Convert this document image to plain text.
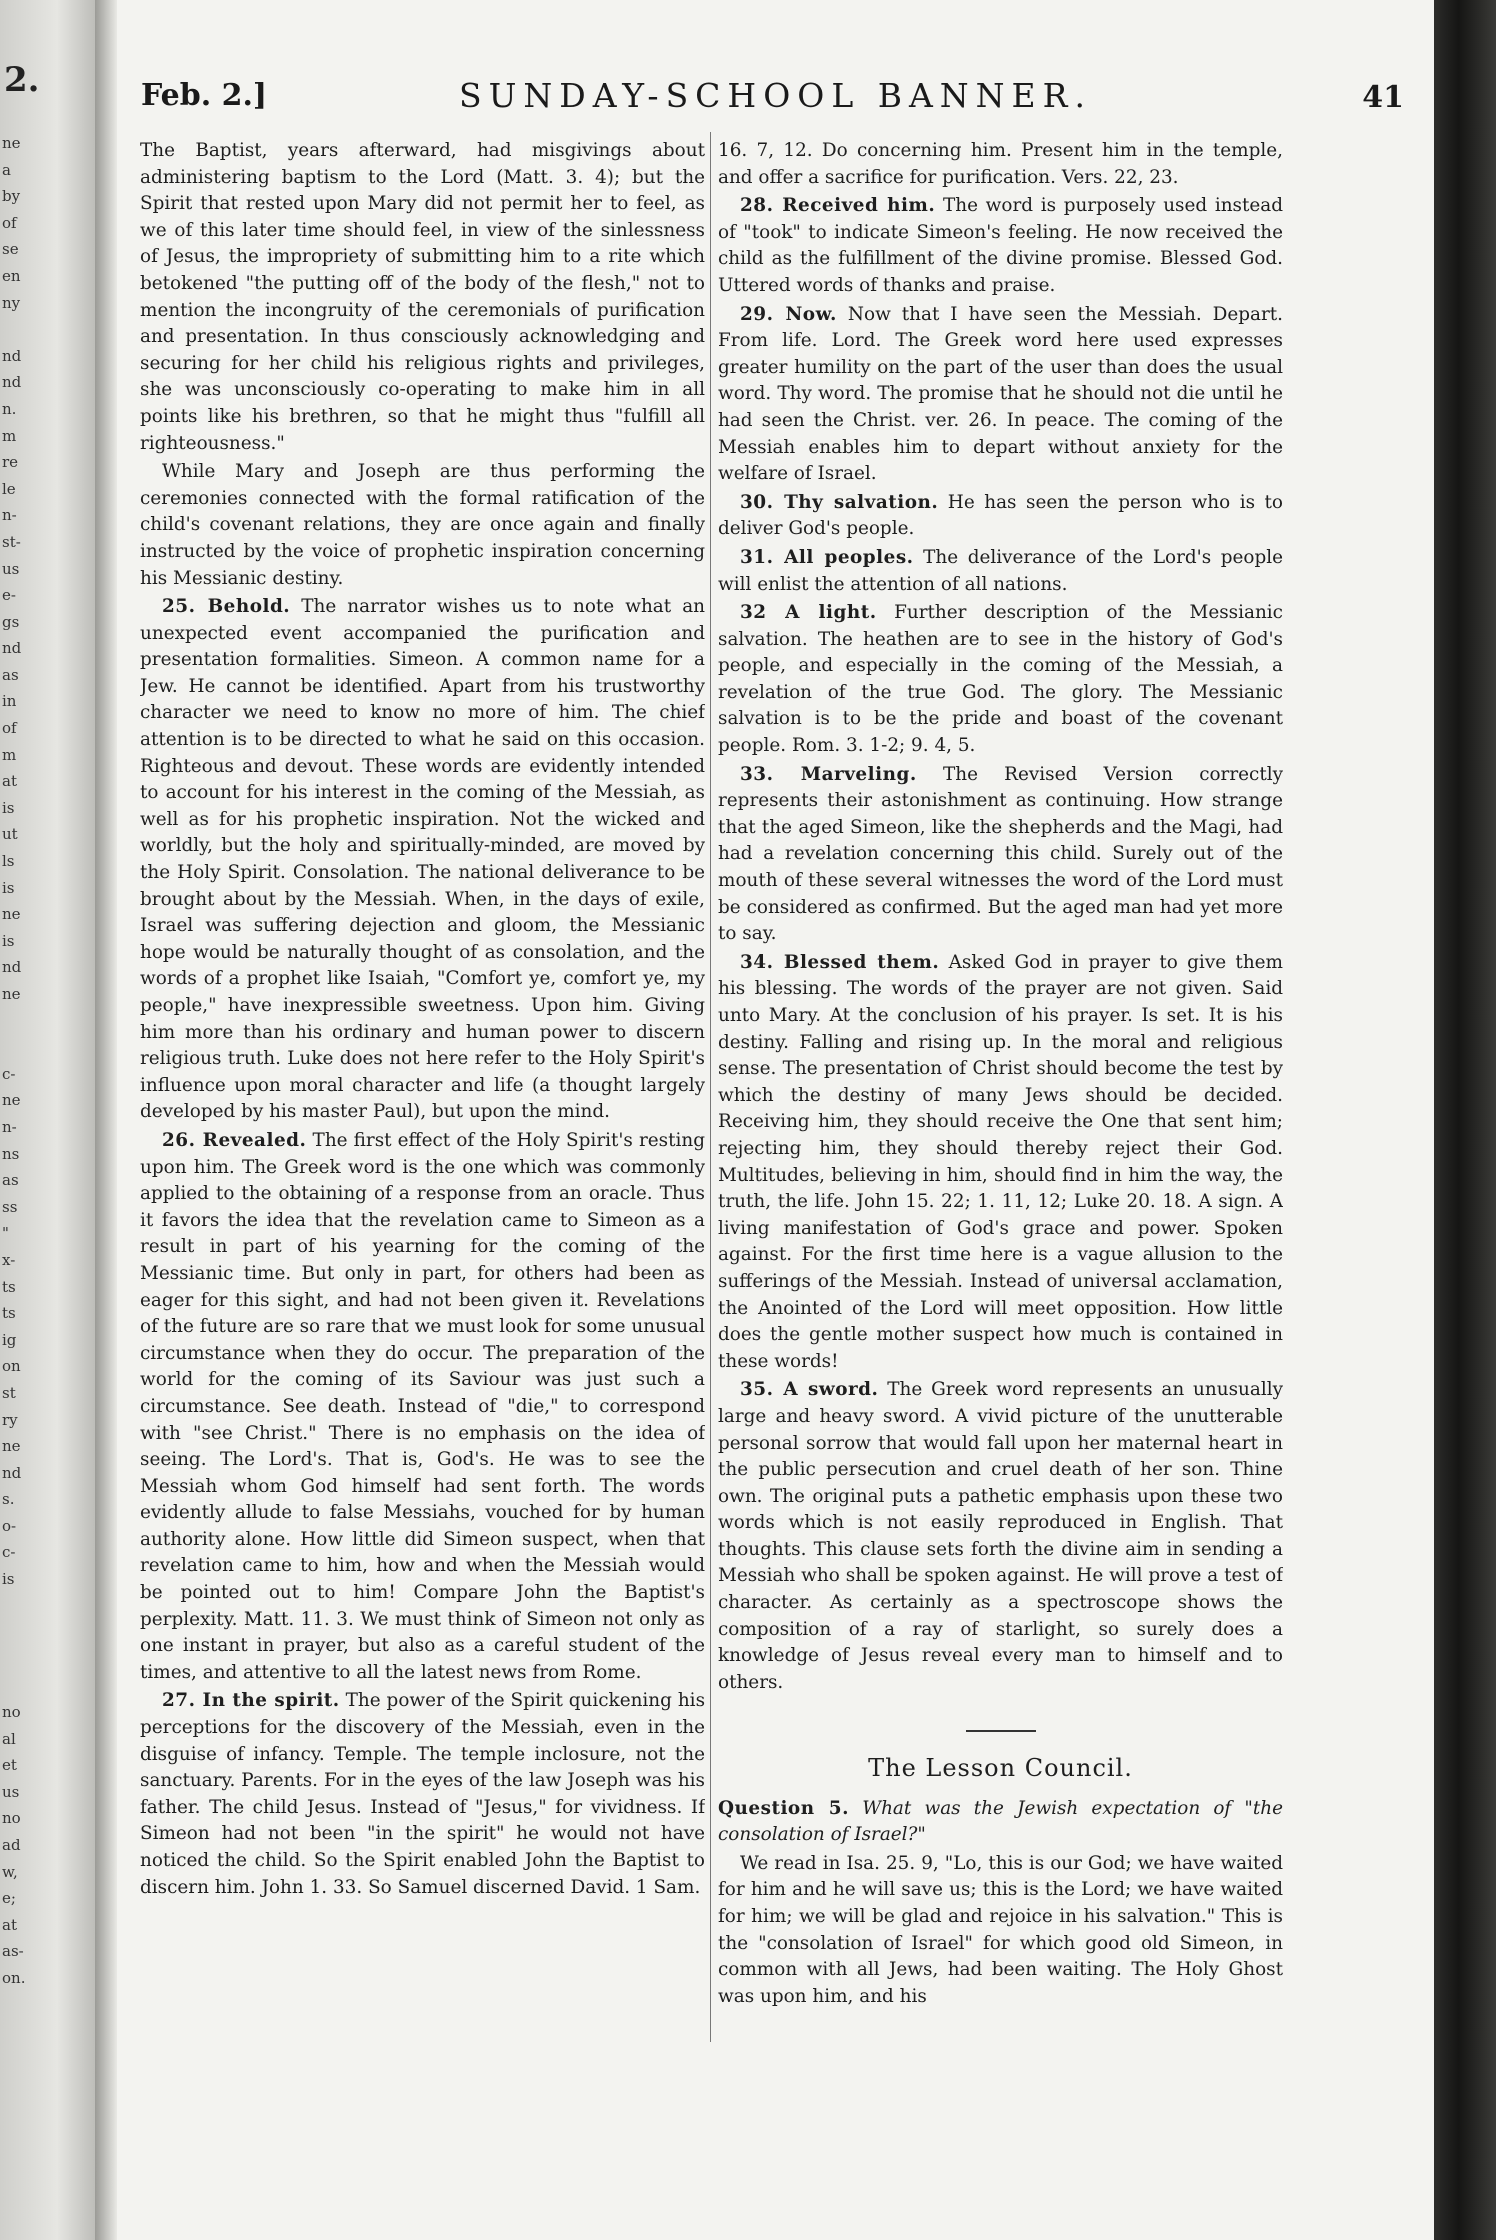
2.
ne
a
by
of
se
en
ny
nd
nd
n.
m
re
le
n-
st-
us
e-
gs
nd
as
in
of
m
at
is
ut
ls
is
ne
is
nd
ne
c-
ne
n-
ns
as
ss
"
x-
ts
ts
ig
on
st
ry
ne
nd
s.
o-
c-
is
no
al
et
us
no
ad
w,
e;
at
as-
on.
Feb. 2.]	SUNDAY-SCHOOL BANNER.	41

The Baptist, years afterward, had misgivings about administering baptism to the Lord (Matt. 3. 4); but the Spirit that rested upon Mary did not permit her to feel, as we of this later time should feel, in view of the sinlessness of Jesus, the impropriety of submitting him to a rite which betokened "the putting off of the body of the flesh," not to mention the incongruity of the ceremonials of purification and presentation. In thus consciously acknowledging and securing for her child his religious rights and privileges, she was unconsciously co-operating to make him in all points like his brethren, so that he might thus "fulfill all righteousness."

While Mary and Joseph are thus performing the ceremonies connected with the formal ratification of the child's covenant relations, they are once again and finally instructed by the voice of prophetic inspiration concerning his Messianic destiny.

25. Behold. The narrator wishes us to note what an unexpected event accompanied the purification and presentation formalities. Simeon. A common name for a Jew. He cannot be identified. Apart from his trustworthy character we need to know no more of him. The chief attention is to be directed to what he said on this occasion. Righteous and devout. These words are evidently intended to account for his interest in the coming of the Messiah, as well as for his prophetic inspiration. Not the wicked and worldly, but the holy and spiritually-minded, are moved by the Holy Spirit. Consolation. The national deliverance to be brought about by the Messiah. When, in the days of exile, Israel was suffering dejection and gloom, the Messianic hope would be naturally thought of as consolation, and the words of a prophet like Isaiah, "Comfort ye, comfort ye, my people," have inexpressible sweetness. Upon him. Giving him more than his ordinary and human power to discern religious truth. Luke does not here refer to the Holy Spirit's influence upon moral character and life (a thought largely developed by his master Paul), but upon the mind.

26. Revealed. The first effect of the Holy Spirit's resting upon him. The Greek word is the one which was commonly applied to the obtaining of a response from an oracle. Thus it favors the idea that the revelation came to Simeon as a result in part of his yearning for the coming of the Messianic time. But only in part, for others had been as eager for this sight, and had not been given it. Revelations of the future are so rare that we must look for some unusual circumstance when they do occur. The preparation of the world for the coming of its Saviour was just such a circumstance. See death. Instead of "die," to correspond with "see Christ." There is no emphasis on the idea of seeing. The Lord's. That is, God's. He was to see the Messiah whom God himself had sent forth. The words evidently allude to false Messiahs, vouched for by human authority alone. How little did Simeon suspect, when that revelation came to him, how and when the Messiah would be pointed out to him! Compare John the Baptist's perplexity. Matt. 11. 3. We must think of Simeon not only as one instant in prayer, but also as a careful student of the times, and attentive to all the latest news from Rome.

27. In the spirit. The power of the Spirit quickening his perceptions for the discovery of the Messiah, even in the disguise of infancy. Temple. The temple inclosure, not the sanctuary. Parents. For in the eyes of the law Joseph was his father. The child Jesus. Instead of "Jesus," for vividness. If Simeon had not been "in the spirit" he would not have noticed the child. So the Spirit enabled John the Baptist to discern him. John 1. 33. So Samuel discerned David. 1 Sam.

16. 7, 12. Do concerning him. Present him in the temple, and offer a sacrifice for purification. Vers. 22, 23.

28. Received him. The word is purposely used instead of "took" to indicate Simeon's feeling. He now received the child as the fulfillment of the divine promise. Blessed God. Uttered words of thanks and praise.

29. Now. Now that I have seen the Messiah. Depart. From life. Lord. The Greek word here used expresses greater humility on the part of the user than does the usual word. Thy word. The promise that he should not die until he had seen the Christ. ver. 26. In peace. The coming of the Messiah enables him to depart without anxiety for the welfare of Israel.

30. Thy salvation. He has seen the person who is to deliver God's people.

31. All peoples. The deliverance of the Lord's people will enlist the attention of all nations.

32 A light. Further description of the Messianic salvation. The heathen are to see in the history of God's people, and especially in the coming of the Messiah, a revelation of the true God. The glory. The Messianic salvation is to be the pride and boast of the covenant people. Rom. 3. 1-2; 9. 4, 5.

33. Marveling. The Revised Version correctly represents their astonishment as continuing. How strange that the aged Simeon, like the shepherds and the Magi, had had a revelation concerning this child. Surely out of the mouth of these several witnesses the word of the Lord must be considered as confirmed. But the aged man had yet more to say.

34. Blessed them. Asked God in prayer to give them his blessing. The words of the prayer are not given. Said unto Mary. At the conclusion of his prayer. Is set. It is his destiny. Falling and rising up. In the moral and religious sense. The presentation of Christ should become the test by which the destiny of many Jews should be decided. Receiving him, they should receive the One that sent him; rejecting him, they should thereby reject their God. Multitudes, believing in him, should find in him the way, the truth, the life. John 15. 22; 1. 11, 12; Luke 20. 18. A sign. A living manifestation of God's grace and power. Spoken against. For the first time here is a vague allusion to the sufferings of the Messiah. Instead of universal acclamation, the Anointed of the Lord will meet opposition. How little does the gentle mother suspect how much is contained in these words!

35. A sword. The Greek word represents an unusually large and heavy sword. A vivid picture of the unutterable personal sorrow that would fall upon her maternal heart in the public persecution and cruel death of her son. Thine own. The original puts a pathetic emphasis upon these two words which is not easily reproduced in English. That thoughts. This clause sets forth the divine aim in sending a Messiah who shall be spoken against. He will prove a test of character. As certainly as a spectroscope shows the composition of a ray of starlight, so surely does a knowledge of Jesus reveal every man to himself and to others.

The Lesson Council.

Question 5. What was the Jewish expectation of "the consolation of Israel?"

We read in Isa. 25. 9, "Lo, this is our God; we have waited for him and he will save us; this is the Lord; we have waited for him; we will be glad and rejoice in his salvation." This is the "consolation of Israel" for which good old Simeon, in common with all Jews, had been waiting. The Holy Ghost was upon him, and his
